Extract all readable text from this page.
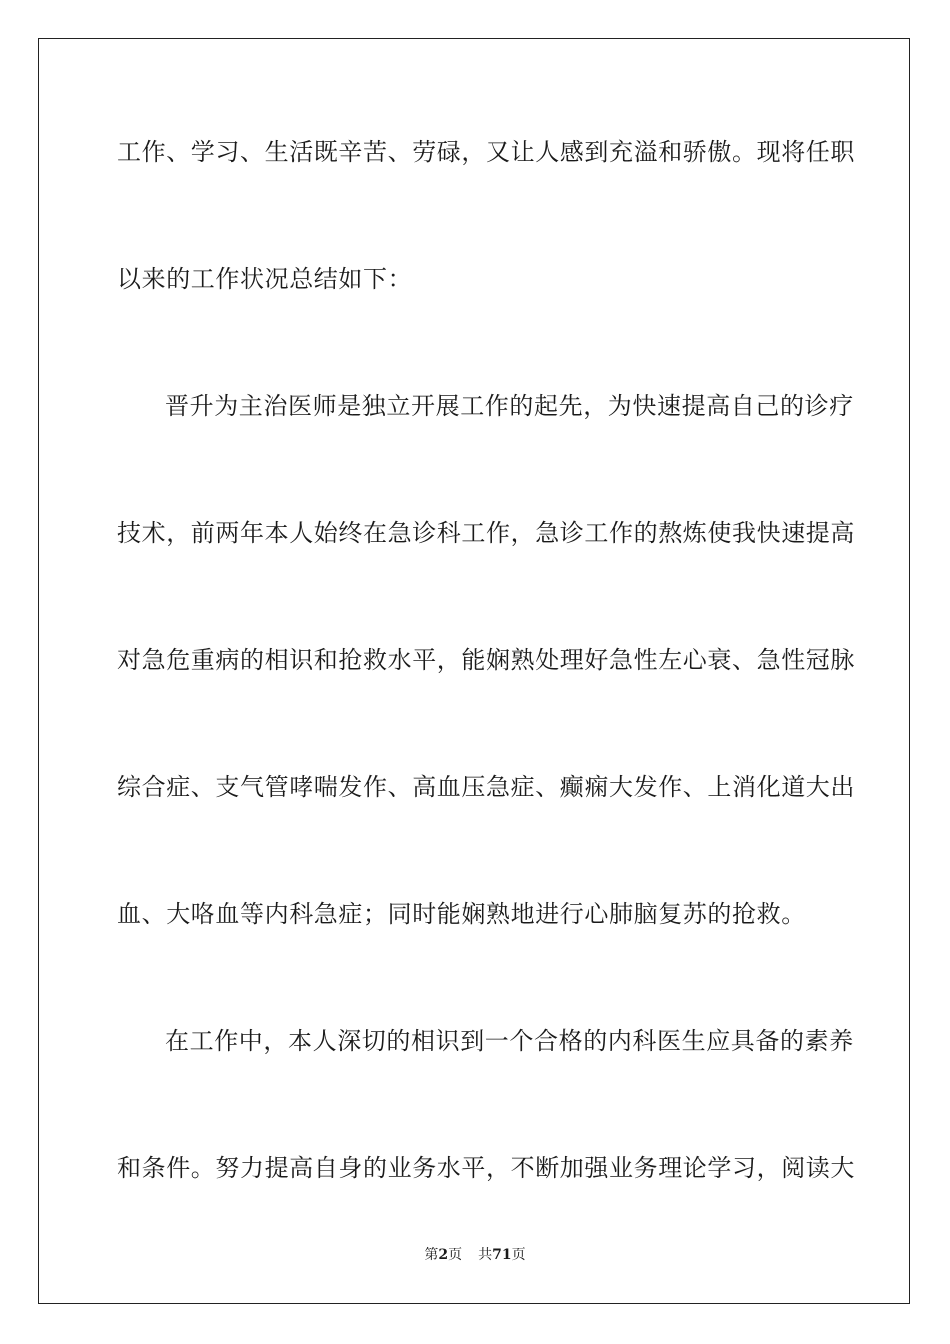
工作、学习、生活既辛苦、劳碌，又让人感到充溢和骄傲。现将任职
以来的工作状况总结如下：
晋升为主治医师是独立开展工作的起先，为快速提高自己的诊疗
技术，前两年本人始终在急诊科工作，急诊工作的熬炼使我快速提高
对急危重病的相识和抢救水平，能娴熟处理好急性左心衰、急性冠脉
综合症、支气管哮喘发作、高血压急症、癫痫大发作、上消化道大出
血、大咯血等内科急症；同时能娴熟地进行心肺脑复苏的抢救。
在工作中，本人深切的相识到一个合格的内科医生应具备的素养
和条件。努力提高自身的业务水平，不断加强业务理论学习，阅读大
第2页 共71页
